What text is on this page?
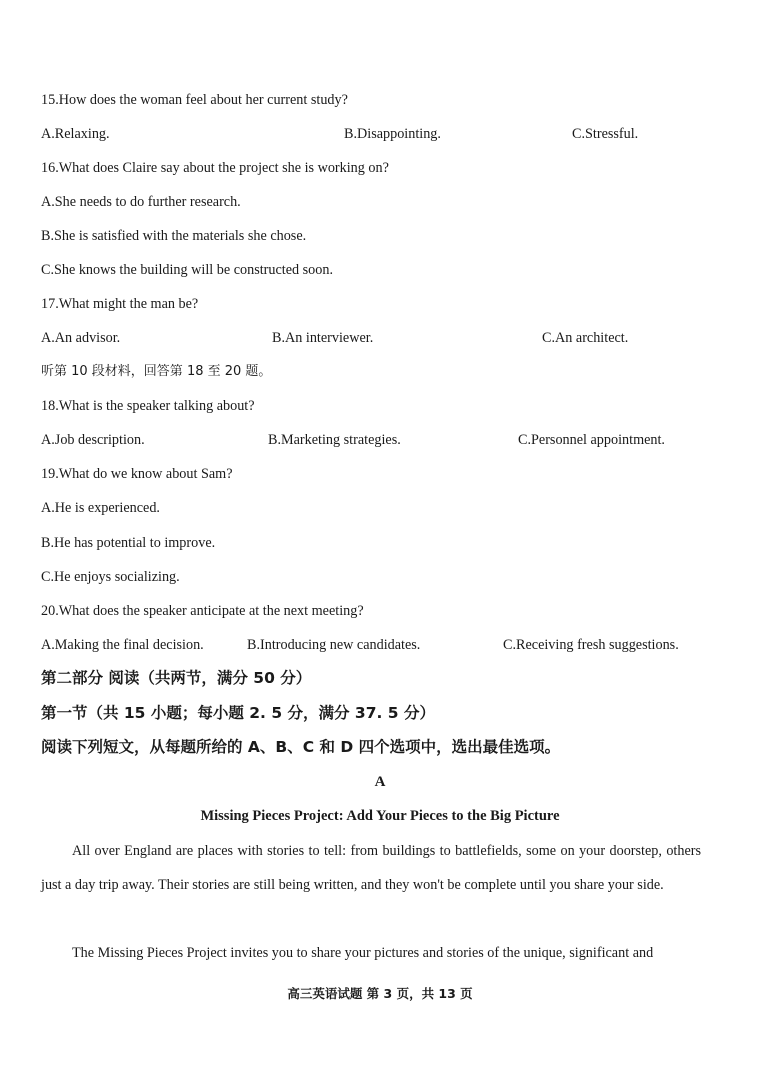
15.How does the woman feel about her current study?
A.Relaxing.	B.Disappointing.	C.Stressful.
16.What does Claire say about the project she is working on?
A.She needs to do further research.
B.She is satisfied with the materials she chose.
C.She knows the building will be constructed soon.
17.What might the man be?
A.An advisor.	B.An interviewer.	C.An architect.
听第 10 段材料，回答第 18 至 20 题。
18.What is the speaker talking about?
A.Job description.	B.Marketing strategies.	C.Personnel appointment.
19.What do we know about Sam?
A.He is experienced.
B.He has potential to improve.
C.He enjoys socializing.
20.What does the speaker anticipate at the next meeting?
A.Making the final decision.	B.Introducing new candidates.	C.Receiving fresh suggestions.
第二部分 阅读（共两节，满分 50 分）
第一节（共 15 小题；每小题 2. 5 分，满分 37. 5 分）
阅读下列短文，从每题所给的 A、B、C 和 D 四个选项中，选出最佳选项。
A
Missing Pieces Project: Add Your Pieces to the Big Picture
All over England are places with stories to tell: from buildings to battlefields, some on your doorstep, others just a day trip away. Their stories are still being written, and they won't be complete until you share your side.
The Missing Pieces Project invites you to share your pictures and stories of the unique, significant and
高三英语试题 第 3 页，共 13 页
